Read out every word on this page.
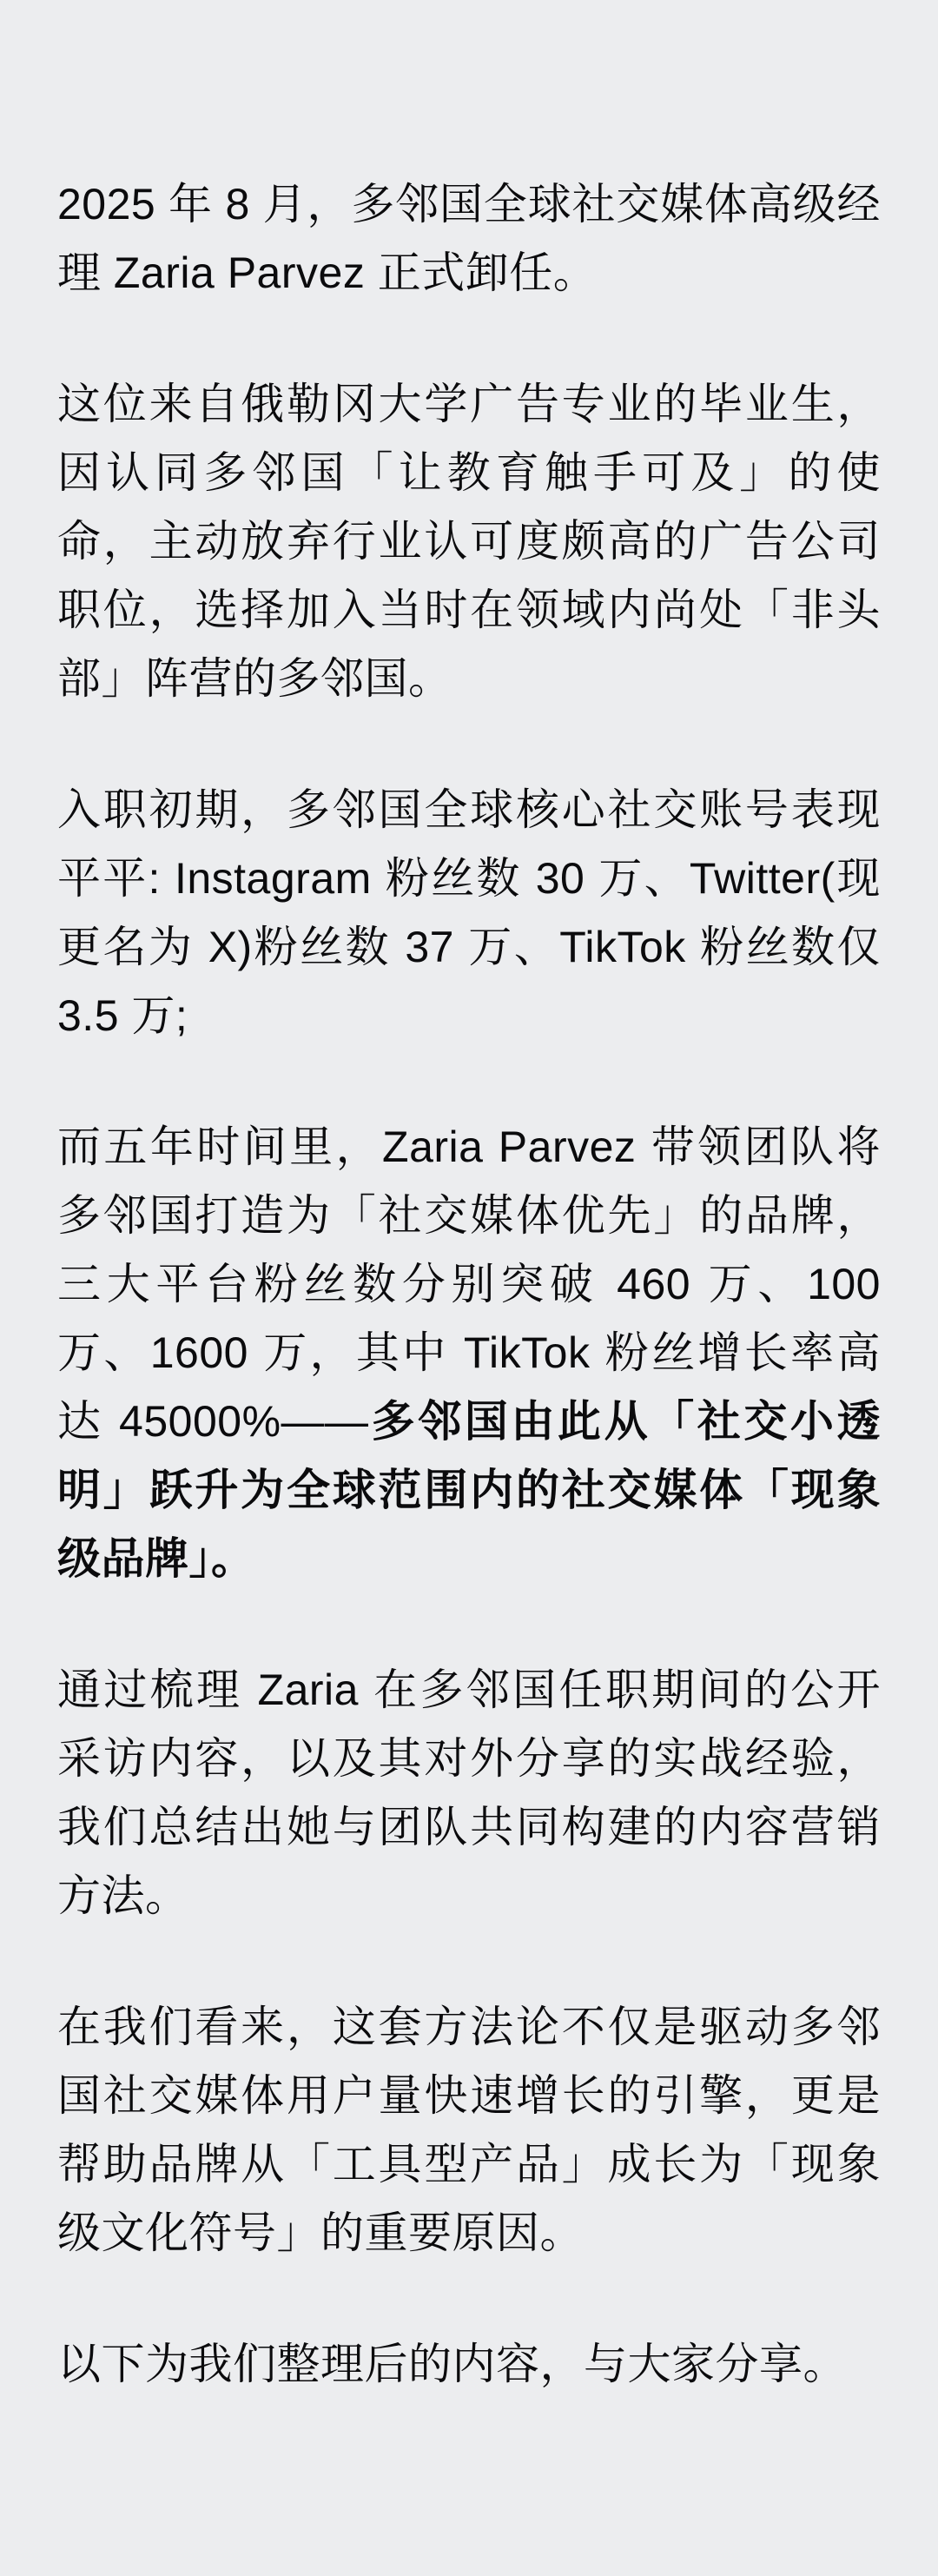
2025 年 8 月，多邻国全球社交媒体高级经理 Zaria Parvez 正式卸任。

这位来自俄勒冈大学广告专业的毕业生，因认同多邻国「让教育触手可及」的使命，主动放弃行业认可度颇高的广告公司职位，选择加入当时在领域内尚处「非头部」阵营的多邻国。

入职初期，多邻国全球核心社交账号表现平平: Instagram 粉丝数 30 万、Twitter(现更名为 X)粉丝数 37 万、TikTok 粉丝数仅 3.5 万;

而五年时间里，Zaria Parvez 带领团队将多邻国打造为「社交媒体优先」的品牌，三大平台粉丝数分别突破 460 万、100 万、1600 万，其中 TikTok 粉丝增长率高达 45000%——多邻国由此从「社交小透明」跃升为全球范围内的社交媒体「现象级品牌」。

通过梳理 Zaria 在多邻国任职期间的公开采访内容，以及其对外分享的实战经验，我们总结出她与团队共同构建的内容营销方法。

在我们看来，这套方法论不仅是驱动多邻国社交媒体用户量快速增长的引擎，更是帮助品牌从「工具型产品」成长为「现象级文化符号」的重要原因。

以下为我们整理后的内容，与大家分享。
